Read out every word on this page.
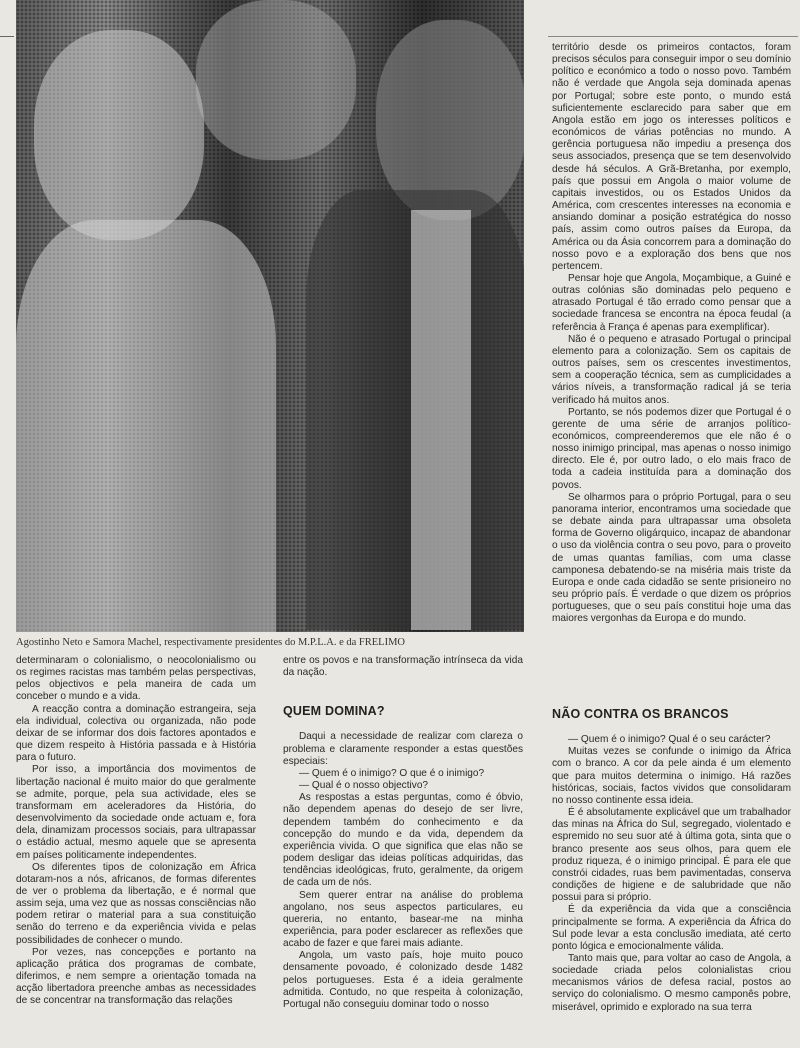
Agostinho Neto e Samora Machel, respectivamente presidentes do M.P.L.A. e da FRELIMO

território desde os primeiros contactos, foram precisos séculos para conseguir impor o seu domínio político e económico a todo o nosso povo. Também não é verdade que Angola seja dominada apenas por Portugal; sobre este ponto, o mundo está suficientemente esclarecido para saber que em Angola estão em jogo os interesses políticos e económicos de várias potências no mundo. A gerência portuguesa não impediu a presença dos seus associados, presença que se tem desenvolvido desde há séculos. A Grã-Bretanha, por exemplo, país que possui em Angola o maior volume de capitais investidos, ou os Estados Unidos da América, com crescentes interesses na economia e ansiando dominar a posição estratégica do nosso país, assim como outros países da Europa, da América ou da Ásia concorrem para a dominação do nosso povo e a exploração dos bens que nos pertencem.

Pensar hoje que Angola, Moçambique, a Guiné e outras colónias são dominadas pelo pequeno e atrasado Portugal é tão errado como pensar que a sociedade francesa se encontra na época feudal (a referência à França é apenas para exemplificar).

Não é o pequeno e atrasado Portugal o principal elemento para a colonização. Sem os capitais de outros países, sem os crescentes investimentos, sem a cooperação técnica, sem as cumplicidades a vários níveis, a transformação radical já se teria verificado há muitos anos.

Portanto, se nós podemos dizer que Portugal é o gerente de uma série de arranjos político-económicos, compreenderemos que ele não é o nosso inimigo principal, mas apenas o nosso inimigo directo. Ele é, por outro lado, o elo mais fraco de toda a cadeia instituída para a dominação dos povos.

Se olharmos para o próprio Portugal, para o seu panorama interior, encontramos uma sociedade que se debate ainda para ultrapassar uma obsoleta forma de Governo oligárquico, incapaz de abandonar o uso da violência contra o seu povo, para o proveito de umas quantas famílias, com uma classe camponesa debatendo-se na miséria mais triste da Europa e onde cada cidadão se sente prisioneiro no seu próprio país. É verdade o que dizem os próprios portugueses, que o seu país constitui hoje uma das maiores vergonhas da Europa e do mundo.

NÃO CONTRA OS BRANCOS

— Quem é o inimigo? Qual é o seu carácter?

Muitas vezes se confunde o inimigo da África com o branco. A cor da pele ainda é um elemento que para muitos determina o inimigo. Há razões históricas, sociais, factos vividos que consolidaram no nosso continente essa ideia.

É é absolutamente explicável que um trabalhador das minas na África do Sul, segregado, violentado e espremido no seu suor até à última gota, sinta que o branco presente aos seus olhos, para quem ele produz riqueza, é o inimigo principal. É para ele que constrói cidades, ruas bem pavimentadas, conserva condições de higiene e de salubridade que não possui para si próprio.

É da experiência da vida que a consciência principalmente se forma. A experiência da África do Sul pode levar a esta conclusão imediata, até certo ponto lógica e emocionalmente válida.

Tanto mais que, para voltar ao caso de Angola, a sociedade criada pelos colonialistas criou mecanismos vários de defesa racial, postos ao serviço do colonialismo. O mesmo camponês pobre, miserável, oprimido e explorado na sua terra

determinaram o colonialismo, o neocolonialismo ou os regimes racistas mas também pelas perspectivas, pelos objectivos e pela maneira de cada um conceber o mundo e a vida.

A reacção contra a dominação estrangeira, seja ela individual, colectiva ou organizada, não pode deixar de se informar dos dois factores apontados e que dizem respeito à História passada e à História para o futuro.

Por isso, a importância dos movimentos de libertação nacional é muito maior do que geralmente se admite, porque, pela sua actividade, eles se transformam em aceleradores da História, do desenvolvimento da sociedade onde actuam e, fora dela, dinamizam processos sociais, para ultrapassar o estádio actual, mesmo aquele que se apresenta em países politicamente independentes.

Os diferentes tipos de colonização em África dotaram-nos a nós, africanos, de formas diferentes de ver o problema da libertação, e é normal que assim seja, uma vez que as nossas consciências não podem retirar o material para a sua constituição senão do terreno e da experiência vivida e pelas possibilidades de conhecer o mundo.

Por vezes, nas concepções e portanto na aplicação prática dos programas de combate, diferimos, e nem sempre a orientação tomada na acção libertadora preenche ambas as necessidades de se concentrar na transformação das relações

entre os povos e na transformação intrínseca da vida da nação.

QUEM DOMINA?

Daqui a necessidade de realizar com clareza o problema e claramente responder a estas questões especiais:

— Quem é o inimigo? O que é o inimigo?

— Qual é o nosso objectivo?

As respostas a estas perguntas, como é óbvio, não dependem apenas do desejo de ser livre, dependem também do conhecimento e da concepção do mundo e da vida, dependem da experiência vivida. O que significa que elas não se podem desligar das ideias políticas adquiridas, das tendências ideológicas, fruto, geralmente, da origem de cada um de nós.

Sem querer entrar na análise do problema angolano, nos seus aspectos particulares, eu quereria, no entanto, basear-me na minha experiência, para poder esclarecer as reflexões que acabo de fazer e que farei mais adiante.

Angola, um vasto país, hoje muito pouco densamente povoado, é colonizado desde 1482 pelos portugueses. Esta é a ideia geralmente admitida. Contudo, no que respeita à colonização, Portugal não conseguiu dominar todo o nosso
